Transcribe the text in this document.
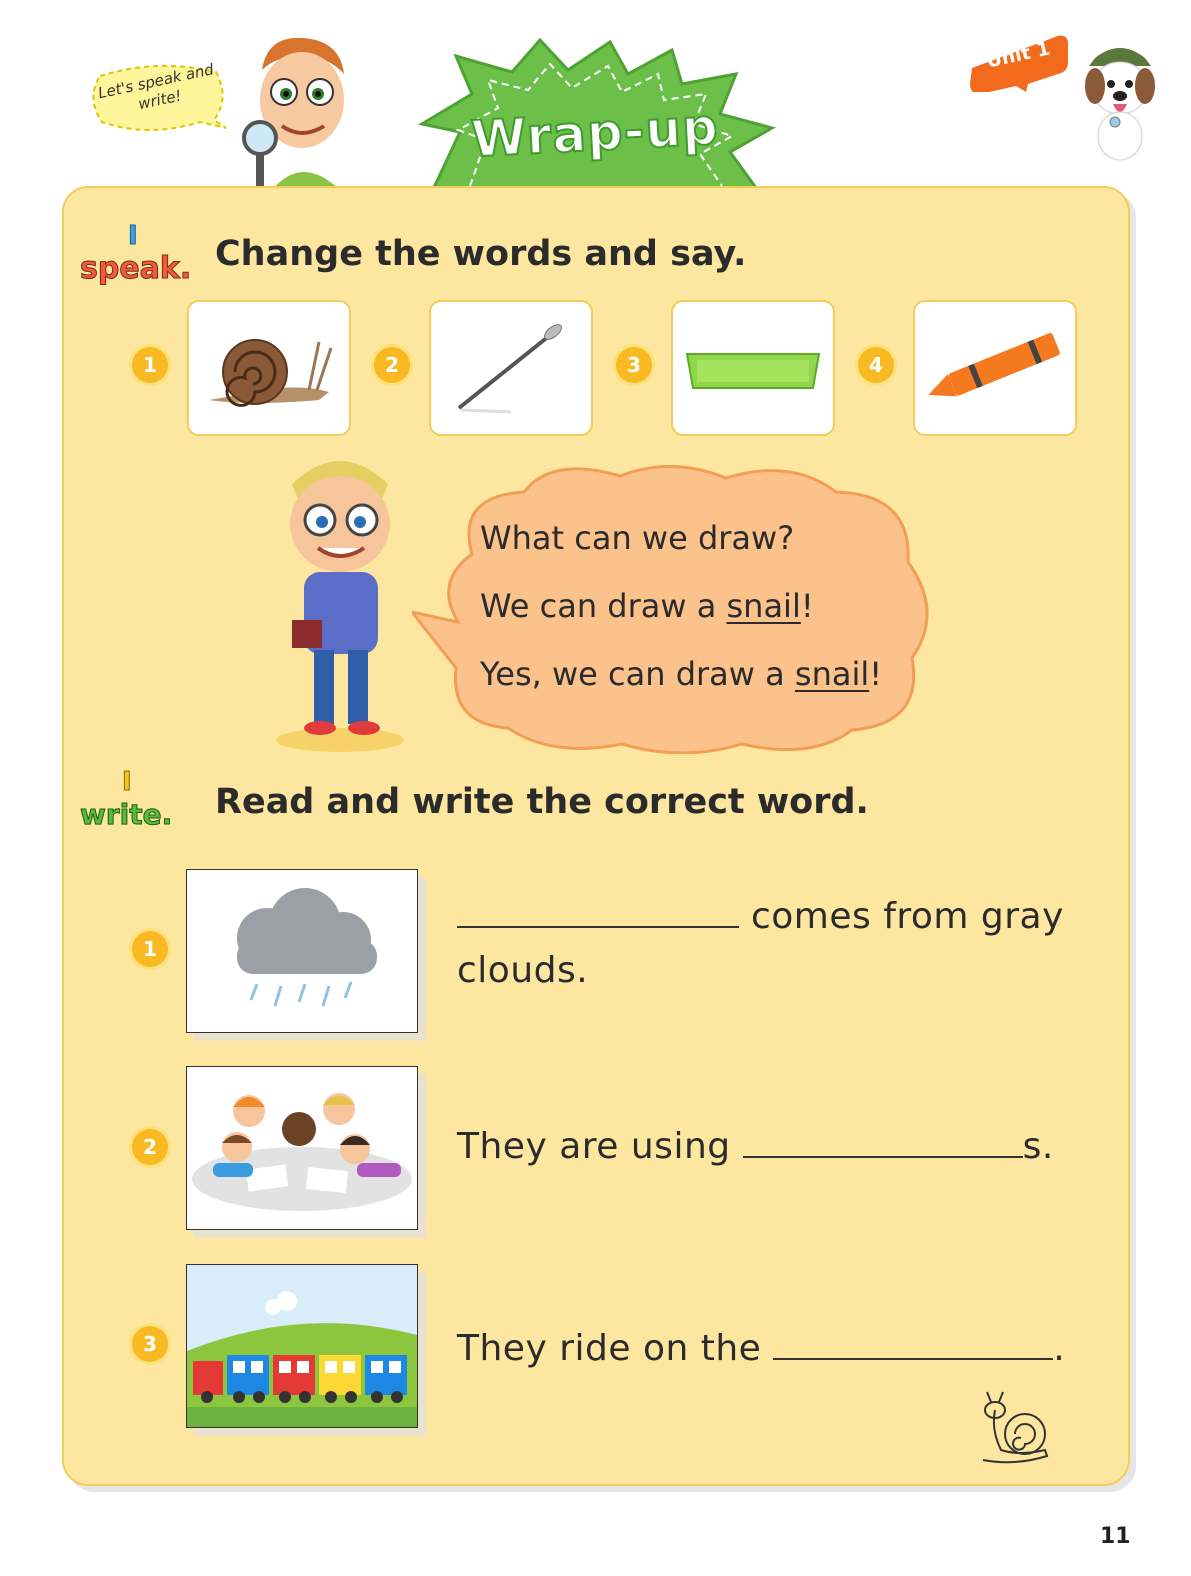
Let's speak and write!	Wrap-up
Unit 1
I
speak. Change the words and say.
1	2	3	4
What can we draw?
We can draw a snail!
Yes, we can draw a snail!
I
write. Read and write the correct word.
1
comes from gray
clouds.
2	They are using	s.
3	They ride on the	.
11
